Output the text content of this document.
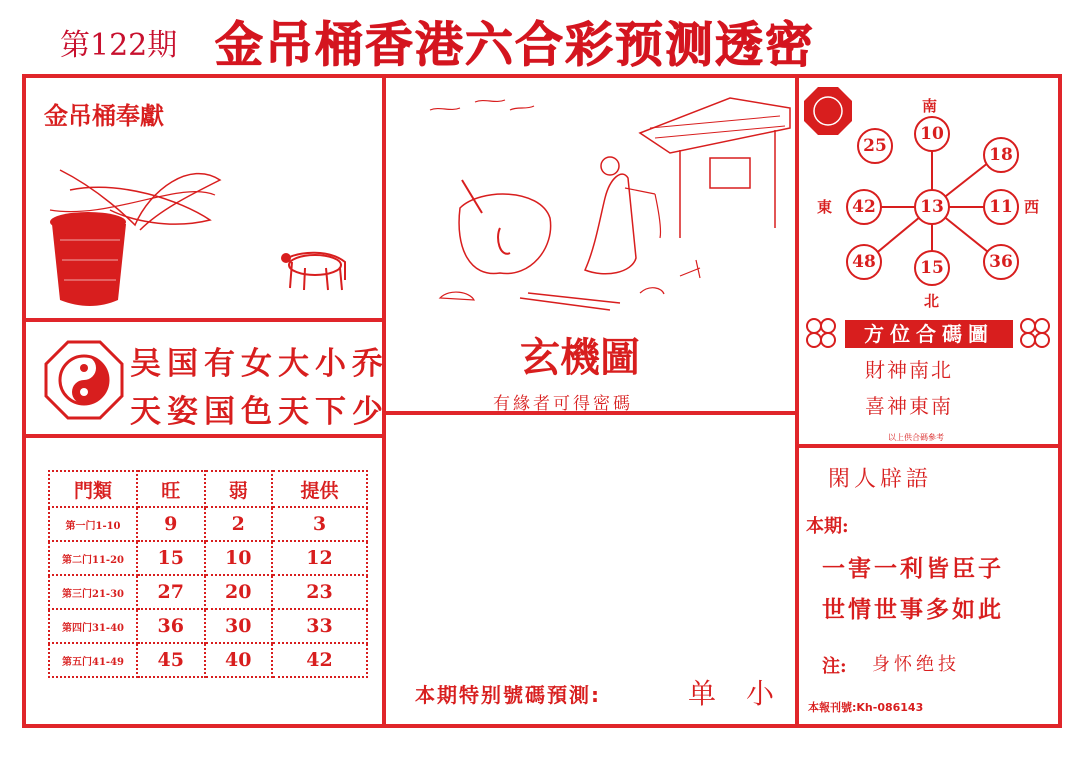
第122期 金吊桶香港六合彩预测透密
金吊桶奉獻
吴国有女大小乔
天姿国色天下少
玄機圖
有緣者可得密碼
門類	旺	弱	提供
第一门1-10	9	2	3
第二门11-20	15	10	12
第三门21-30	27	20	23
第四门31-40	36	30	33
第五门41-49	45	40	42
南
北
東	西
13
10
15
42	11
18
36
48
25
方位合碼圖
財神南北
喜神東南
以上供合碼參考
閑人辟語
本期:
一害一利皆臣子
世情世事多如此
注: 身怀绝技
本報刊號:Kh-086143
本期特别號碼預測:	单 小
